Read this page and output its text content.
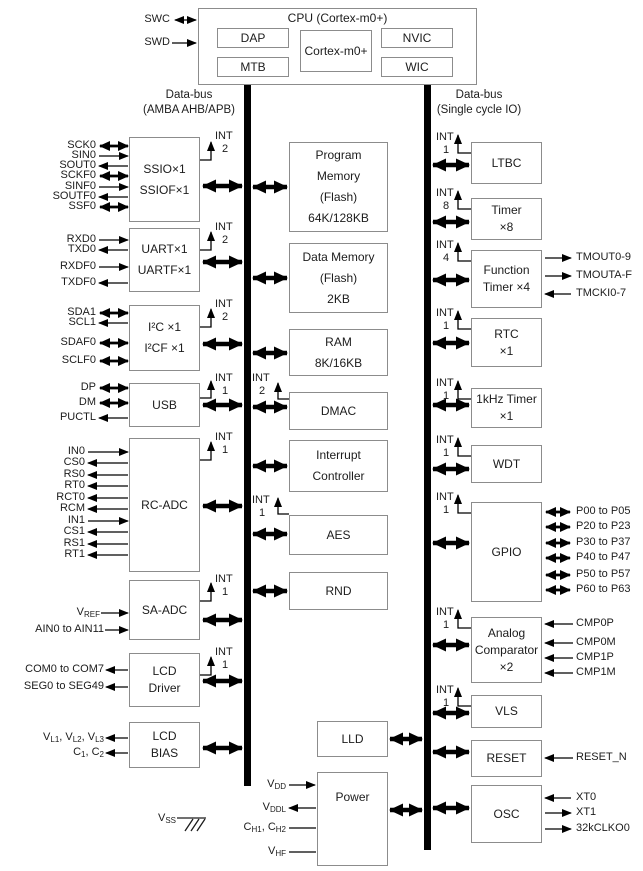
CPU (Cortex-m0+)
DAP
MTB
Cortex-m0+
NVIC
WIC
SWC
SWD
Data-bus
(AMBA AHB/APB)
Data-bus
(Single cycle IO)
SSIO×1
SSIOF×1
UART×1
UARTF×1
I²C ×1
I²CF ×1
USB
RC-ADC
SA-ADC
LCD
Driver
LCD
BIAS
Program
Memory
(Flash)
64K/128KB
Data Memory
(Flash)
2KB
RAM
8K/16KB
DMAC
Interrupt
Controller
AES
RND
LLD
Power
LTBC
Timer
×8
Function
Timer ×4
RTC
×1
1kHz Timer
×1
WDT
GPIO
Analog
Comparator
×2
VLS
RESET
OSC
INT
2
INT
2
INT
2
INT
1
INT
1
INT
1
INT
1
INT
2
INT
1
INT
1
INT
8
INT
4
INT
1
INT
1
INT
1
INT
1
INT
1
INT
1
SCK0
SIN0
SOUT0
SCKF0
SINF0
SOUTF0
SSF0
RXD0
TXD0
RXDF0
TXDF0
SDA1
SCL1
SDAF0
SCLF0
DP
DM
PUCTL
IN0
CS0
RS0
RT0
RCT0
RCM
IN1
CS1
RS1
RT1
VREF
AIN0 to AIN11
COM0 to COM7
SEG0 to SEG49
VL1, VL2, VL3
C1, C2
VDD
VDDL
CH1, CH2
VHF
VSS
TMOUT0-9
TMOUTA-F
TMCKI0-7
P00 to P05
P20 to P23
P30 to P37
P40 to P47
P50 to P57
P60 to P63
CMP0P
CMP0M
CMP1P
CMP1M
RESET_N
XT0
XT1
32kCLKO0
